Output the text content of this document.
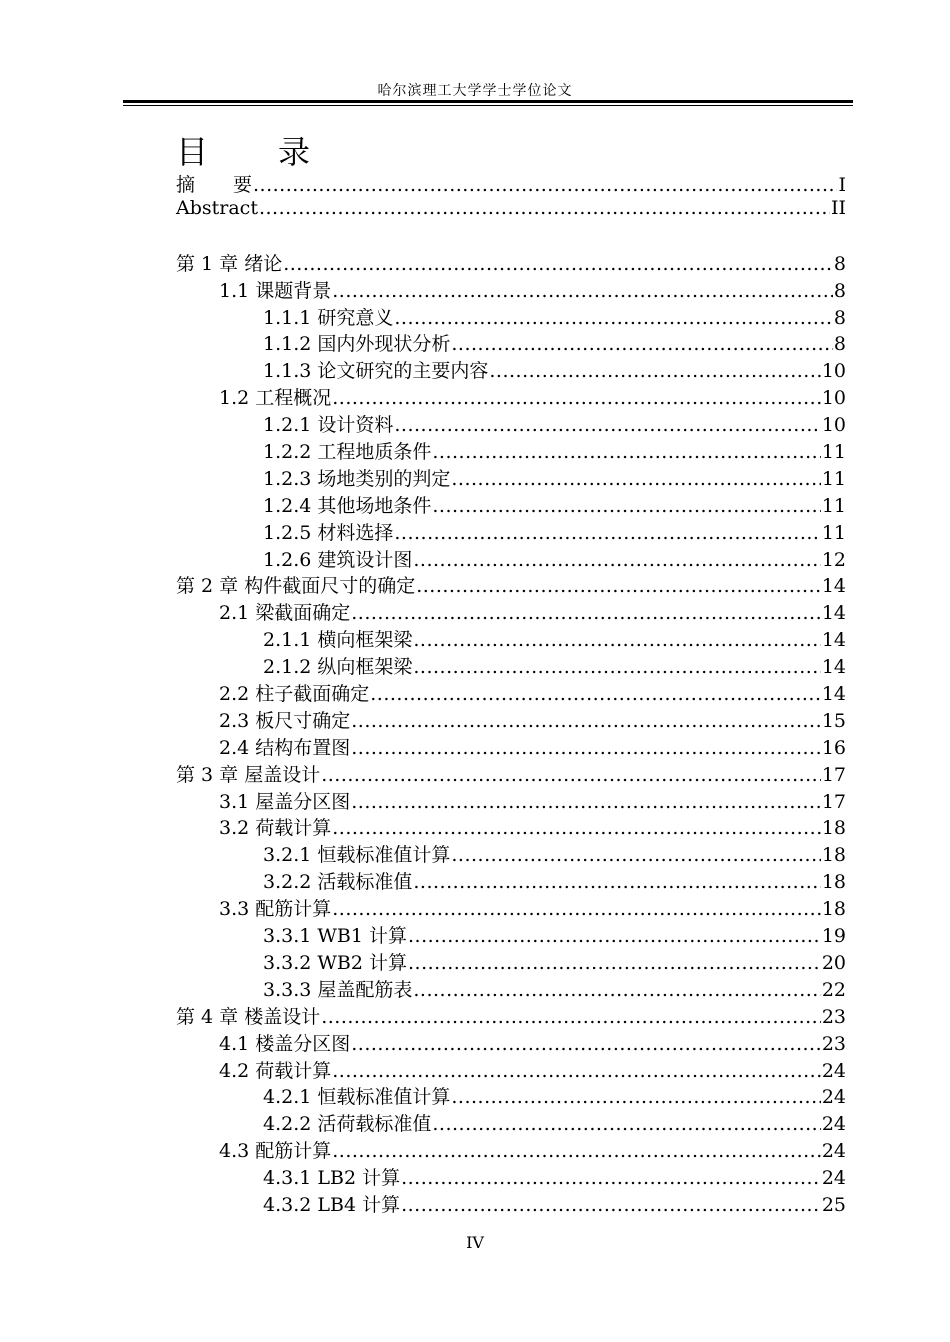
哈尔滨理工大学学士学位论文
目 录
摘　　要 .....	I
Abstract .....	II
第 1 章 绪论 .....	8
1.1 课题背景 .....	8
1.1.1 研究意义 .....	8
1.1.2 国内外现状分析 .....	8
1.1.3 论文研究的主要内容 .....	10
1.2 工程概况 .....	10
1.2.1 设计资料 .....	10
1.2.2 工程地质条件 .....	11
1.2.3 场地类别的判定 .....	11
1.2.4 其他场地条件 .....	11
1.2.5 材料选择 .....	11
1.2.6 建筑设计图 .....	12
第 2 章 构件截面尺寸的确定 .....	14
2.1 梁截面确定 .....	14
2.1.1 横向框架梁 .....	14
2.1.2 纵向框架梁 .....	14
2.2 柱子截面确定 .....	14
2.3 板尺寸确定 .....	15
2.4 结构布置图 .....	16
第 3 章 屋盖设计 .....	17
3.1 屋盖分区图 .....	17
3.2 荷载计算 .....	18
3.2.1 恒载标准值计算 .....	18
3.2.2 活载标准值 .....	18
3.3 配筋计算 .....	18
3.3.1 WB1 计算 .....	19
3.3.2 WB2 计算 .....	20
3.3.3 屋盖配筋表 .....	22
第 4 章 楼盖设计 .....	23
4.1 楼盖分区图 .....	23
4.2 荷载计算 .....	24
4.2.1 恒载标准值计算 .....	24
4.2.2 活荷载标准值 .....	24
4.3 配筋计算 .....	24
4.3.1 LB2 计算 .....	24
4.3.2 LB4 计算 .....	25
IV
